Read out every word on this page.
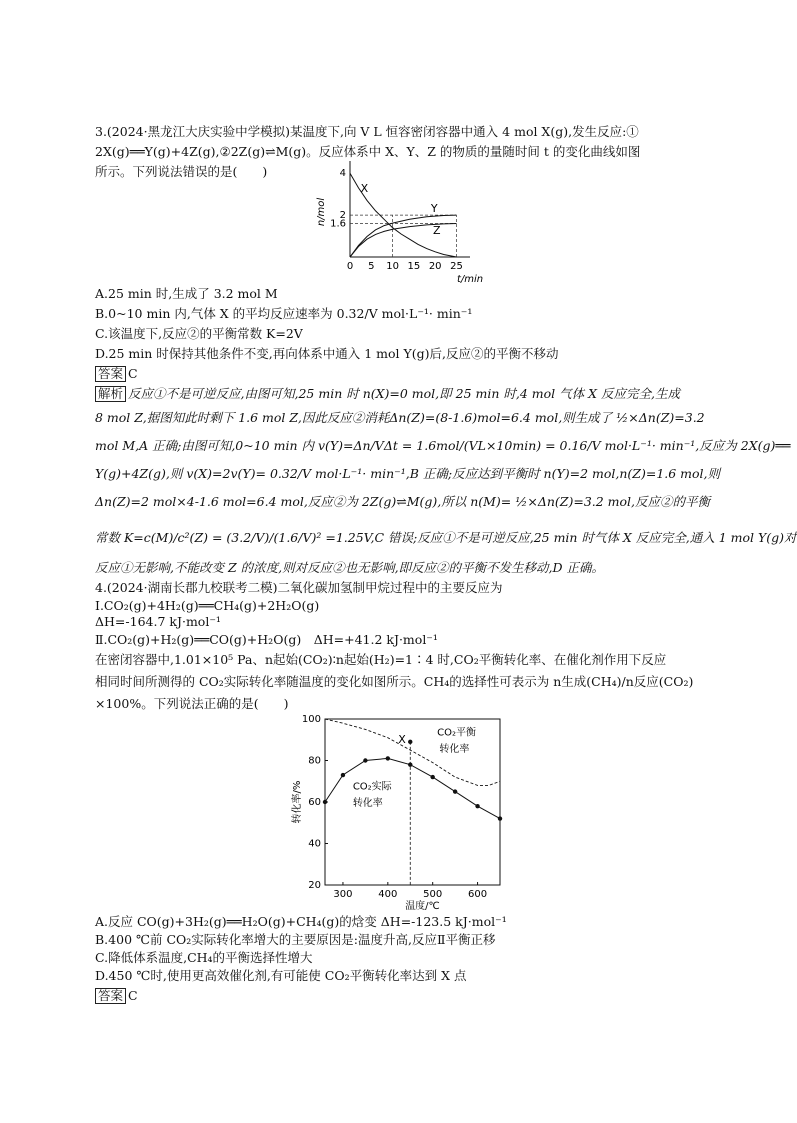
3.(2024·黑龙江大庆实验中学模拟)某温度下,向 V L 恒容密闭容器中通入 4 mol X(g),发生反应:①
2X(g)══Y(g)+4Z(g),②2Z(g)⇌M(g)。反应体系中 X、Y、Z 的物质的量随时间 t 的变化曲线如图
所示。下列说法错误的是(　　)
0 5 10 15 20 25
4
2
1.6
t/min
n/mol
X
Y
Z
A.25 min 时,生成了 3.2 mol M
B.0~10 min 内,气体 X 的平均反应速率为 0.32/V mol·L⁻¹· min⁻¹
C.该温度下,反应②的平衡常数 K=2V
D.25 min 时保持其他条件不变,再向体系中通入 1 mol Y(g)后,反应②的平衡不移动
答案 C
解析 反应①不是可逆反应,由图可知,25 min 时 n(X)=0 mol,即 25 min 时,4 mol 气体 X 反应完全,生成
8 mol Z,据图知此时剩下 1.6 mol Z,因此反应②消耗Δn(Z)=(8-1.6)mol=6.4 mol,则生成了 ½×Δn(Z)=3.2
mol M,A 正确;由图可知,0~10 min 内 v(Y)=Δn/VΔt = 1.6mol/(VL×10min) = 0.16/V mol·L⁻¹· min⁻¹,反应为 2X(g)══
Y(g)+4Z(g),则 v(X)=2v(Y)= 0.32/V mol·L⁻¹· min⁻¹,B 正确;反应达到平衡时 n(Y)=2 mol,n(Z)=1.6 mol,则
Δn(Z)=2 mol×4-1.6 mol=6.4 mol,反应②为 2Z(g)⇌M(g),所以 n(M)= ½×Δn(Z)=3.2 mol,反应②的平衡
常数 K=c(M)/c²(Z) = (3.2/V)/(1.6/V)² =1.25V,C 错误;反应①不是可逆反应,25 min 时气体 X 反应完全,通入 1 mol Y(g)对
反应①无影响,不能改变 Z 的浓度,则对反应②也无影响,即反应②的平衡不发生移动,D 正确。
4.(2024·湖南长郡九校联考二模)二氧化碳加氢制甲烷过程中的主要反应为
Ⅰ.CO₂(g)+4H₂(g)══CH₄(g)+2H₂O(g)
ΔH=-164.7 kJ·mol⁻¹
Ⅱ.CO₂(g)+H₂(g)══CO(g)+H₂O(g)　ΔH=+41.2 kJ·mol⁻¹
在密闭容器中,1.01×10⁵ Pa、n起始(CO₂)∶n起始(H₂)=1∶4 时,CO₂平衡转化率、在催化剂作用下反应
相同时间所测得的 CO₂实际转化率随温度的变化如图所示。CH₄的选择性可表示为 n生成(CH₄)/n反应(CO₂)
×100%。下列说法正确的是(　　)
300	400	500	600
20
40
60
80
100
温度/℃
转化率/%
X	CO₂平衡
转化率
CO₂实际
转化率
A.反应 CO(g)+3H₂(g)══H₂O(g)+CH₄(g)的焓变 ΔH=-123.5 kJ·mol⁻¹
B.400 ℃前 CO₂实际转化率增大的主要原因是:温度升高,反应Ⅱ平衡正移
C.降低体系温度,CH₄的平衡选择性增大
D.450 ℃时,使用更高效催化剂,有可能使 CO₂平衡转化率达到 X 点
答案 C
